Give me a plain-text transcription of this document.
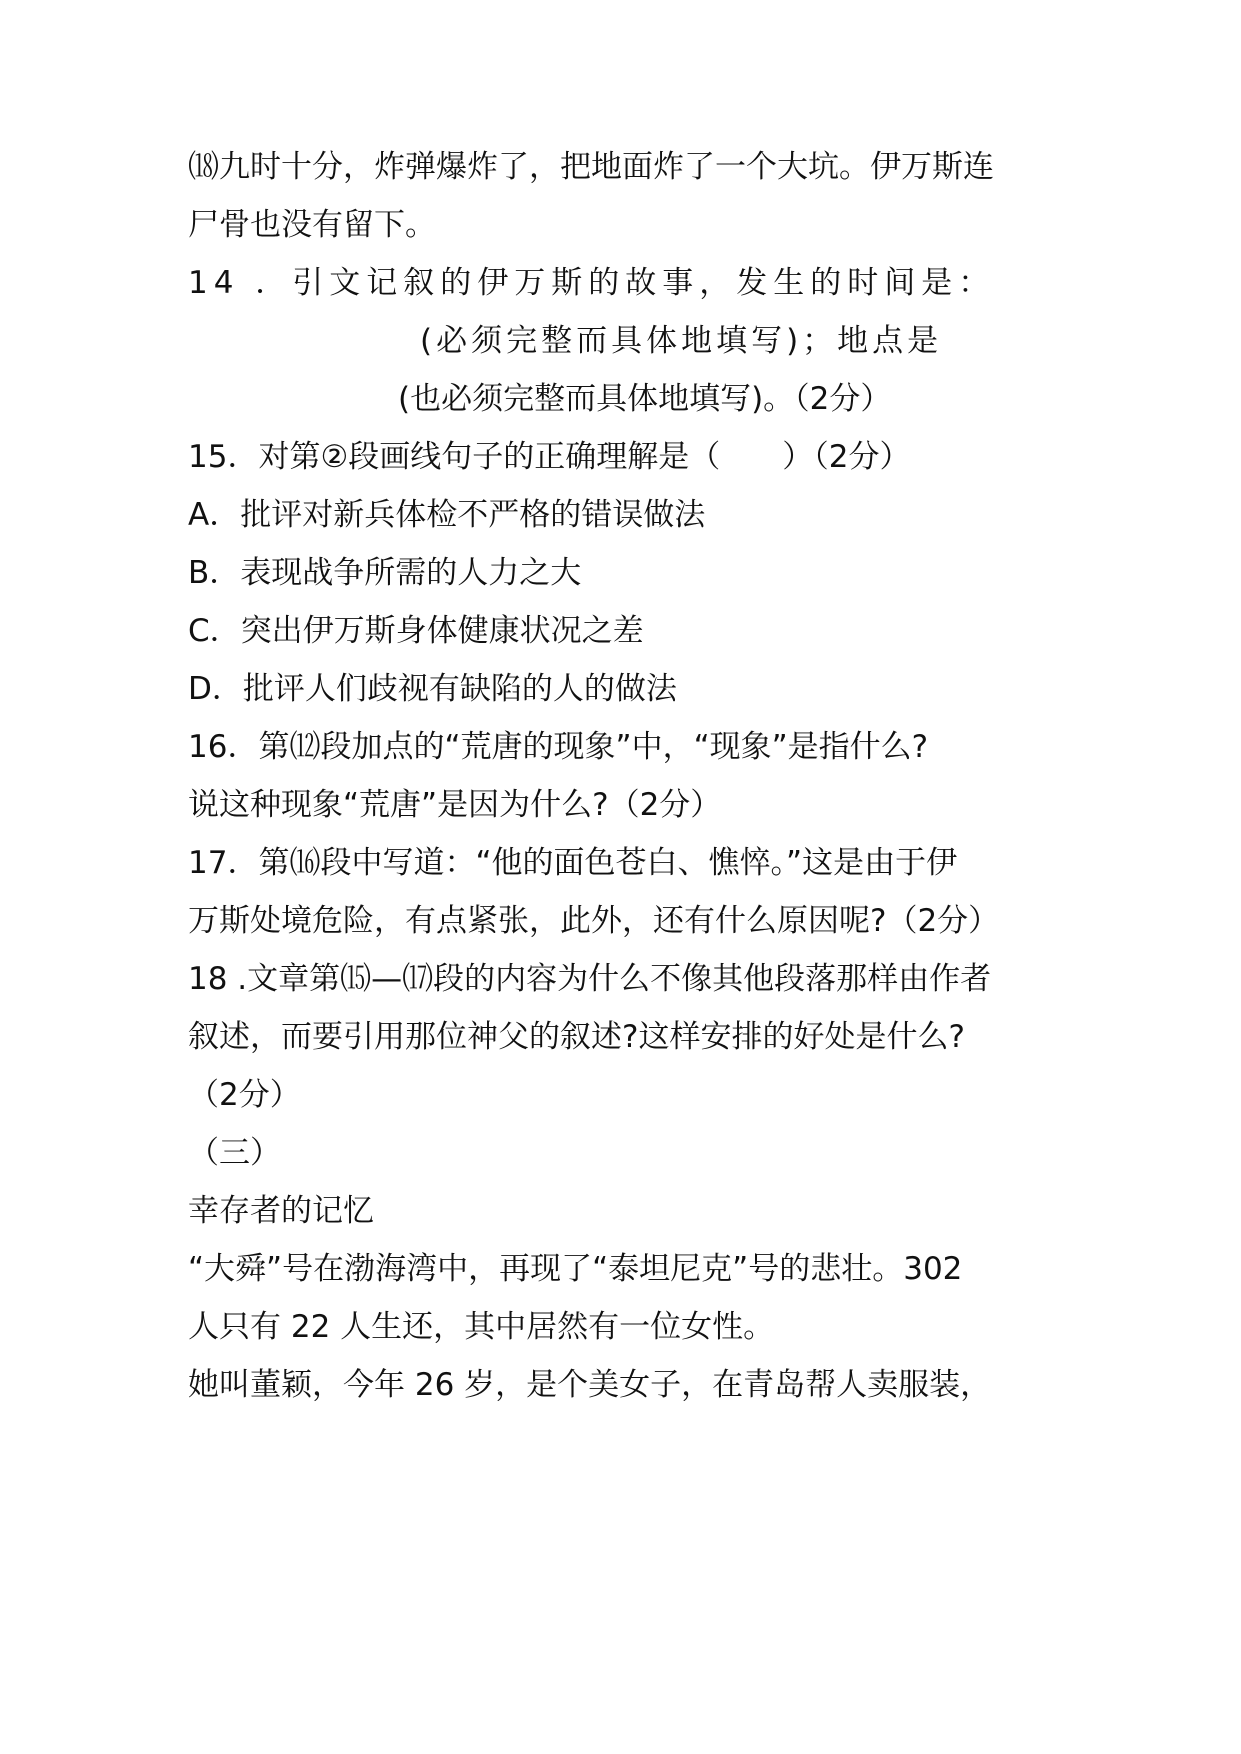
⒅九时十分，炸弹爆炸了，把地面炸了一个大坑。伊万斯连
尸骨也没有留下。
14 ．引文记叙的伊万斯的故事，发生的时间是：
(必须完整而具体地填写)；地点是
(也必须完整而具体地填写)。（2分）
15．对第②段画线句子的正确理解是（　　）（2分）
A．批评对新兵体检不严格的错误做法
B．表现战争所需的人力之大
C．突出伊万斯身体健康状况之差
D．批评人们歧视有缺陷的人的做法
16．第⑿段加点的“荒唐的现象”中，“现象”是指什么?
说这种现象“荒唐”是因为什么?（2分）
17．第⒃段中写道：“他的面色苍白、憔悴。”这是由于伊
万斯处境危险，有点紧张，此外，还有什么原因呢?（2分）
18 .文章第⒂—⒄段的内容为什么不像其他段落那样由作者
叙述，而要引用那位神父的叙述?这样安排的好处是什么?
（2分）
（三）
幸存者的记忆
“大舜”号在渤海湾中，再现了“泰坦尼克”号的悲壮。302
人只有 22 人生还，其中居然有一位女性。
她叫董颖，今年 26 岁，是个美女子，在青岛帮人卖服装，
